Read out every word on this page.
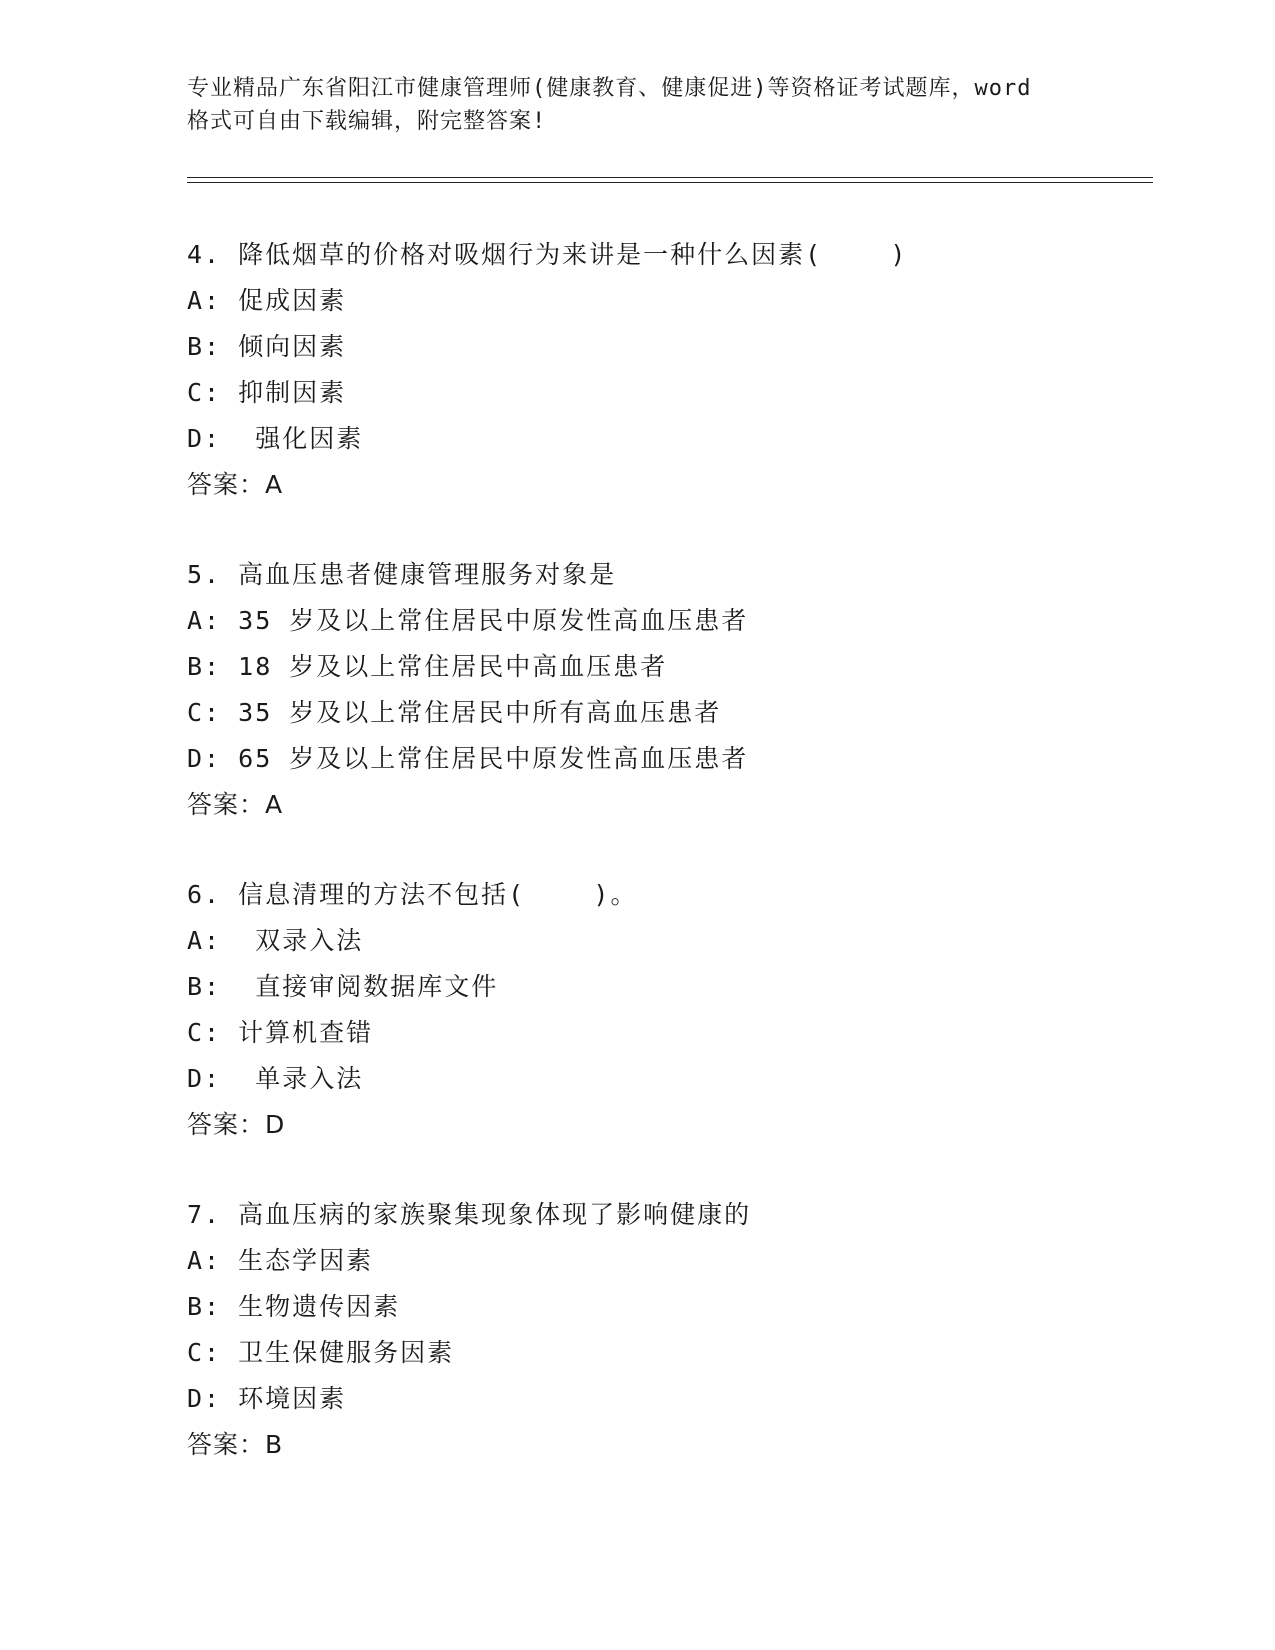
专业精品广东省阳江市健康管理师(健康教育、健康促进)等资格证考试题库，word
格式可自由下载编辑，附完整答案!
4. 降低烟草的价格对吸烟行为来讲是一种什么因素(    )
A: 促成因素
B: 倾向因素
C: 抑制因素
D:  强化因素
答案：A
5. 高血压患者健康管理服务对象是
A: 35 岁及以上常住居民中原发性高血压患者
B: 18 岁及以上常住居民中高血压患者
C: 35 岁及以上常住居民中所有高血压患者
D: 65 岁及以上常住居民中原发性高血压患者
答案：A
6. 信息清理的方法不包括(    )。
A:  双录入法
B:  直接审阅数据库文件
C: 计算机查错
D:  单录入法
答案：D
7. 高血压病的家族聚集现象体现了影响健康的
A: 生态学因素
B: 生物遗传因素
C: 卫生保健服务因素
D: 环境因素
答案：B
